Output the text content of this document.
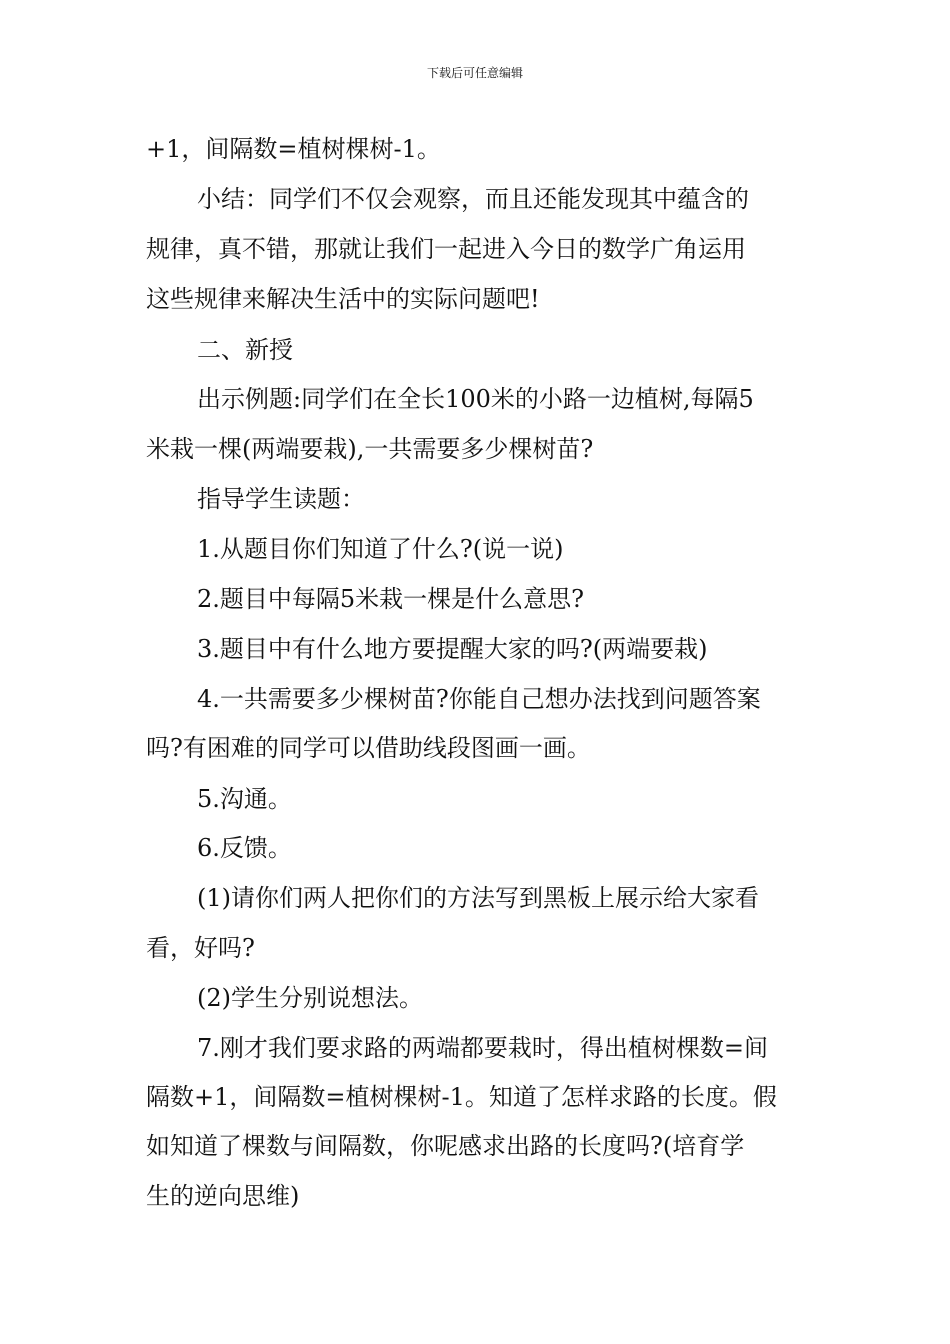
下载后可任意编辑
+1，间隔数=植树棵树-1。
小结：同学们不仅会观察，而且还能发现其中蕴含的
规律，真不错，那就让我们一起进入今日的数学广角运用
这些规律来解决生活中的实际问题吧!
二、新授
出示例题:同学们在全长100米的小路一边植树,每隔5
米栽一棵(两端要栽),一共需要多少棵树苗?
指导学生读题：
1.从题目你们知道了什么?(说一说)
2.题目中每隔5米栽一棵是什么意思?
3.题目中有什么地方要提醒大家的吗?(两端要栽)
4.一共需要多少棵树苗?你能自己想办法找到问题答案
吗?有困难的同学可以借助线段图画一画。
5.沟通。
6.反馈。
(1)请你们两人把你们的方法写到黑板上展示给大家看
看，好吗?
(2)学生分别说想法。
7.刚才我们要求路的两端都要栽时，得出植树棵数=间
隔数+1，间隔数=植树棵树-1。知道了怎样求路的长度。假
如知道了棵数与间隔数，你呢感求出路的长度吗?(培育学
生的逆向思维)
